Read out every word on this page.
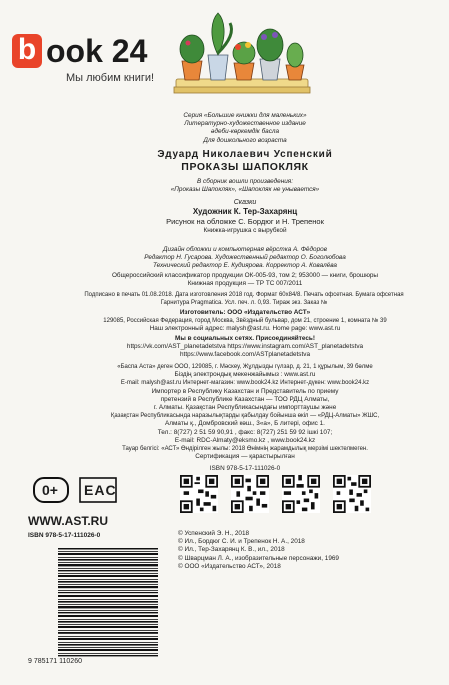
b ook 24
Мы любим книги!
Серия «Большие книжки для маленьких»
Литературно-художественное издание
әдеби-көркемдік басла
Для дошкольного возраста
Эдуард Николаевич Успенский
ПРОКАЗЫ ШАПОКЛЯК
В сборник вошли произведения:
«Проказы Шапокляк», «Шапокляк не унывается»
Сказки
Художник К. Тер-Захарянц
Рисунок на обложке С. Бордюг и Н. Трепенок
Книжка-игрушка с вырубкой
Дизайн обложки и компьютерная вёрстка А. Фёдоров
Редактор Н. Гусарова. Художественный редактор О. Боголюбова
Технический редактор Е. Кудиярова. Корректор А. Ковалёва
Общероссийский классификатор продукции ОК-005-93, том 2; 953000 — книги, брошюры
Книжная продукция — ТР ТС 007/2011
Подписано в печать 01.08.2018. Дата изготовления 2018 год. Формат 60х84/8. Печать офсетная. Бумага офсетная
Гарнитура Pragmatica. Усл. печ. л. 0,93. Тираж экз. Заказ №
Изготовитель: ООО «Издательство АСТ»
129085, Российская Федерация, город Москва, Звёздный бульвар, дом 21, строение 1, комната № 39
Наш электронный адрес: malysh@ast.ru. Home page: www.ast.ru
Мы в социальных сетях. Присоединяйтесь!
https://vk.com/AST_planetadetstva https://www.instagram.com/AST_planetadetstva
https://www.facebook.com/ASTplanetadetstva
«Баспа Аста» деген ООО, 129085, г. Мәскеу, Жұлдызды гүлзар, д. 21, 1 құрылым, 39 бөлме
Біздің электрондық мекенжайымыз : www.ast.ru
E-mail: malysh@ast.ru Интернет-магазин: www.book24.kz Интернет-дүкен: www.book24.kz
Импортер в Республику Казахстан и Представитель по приему
претензий в Республике Казахстан — ТОО РДЦ Алматы,
г. Алматы. Қазақстан Республикасындағы импорттаушы және
Қазақстан Республикасында наразылықтарды қабылдау бойынша өкіл — «РДЦ-Алматы» ЖШС,
Алматы қ., Домбровский көш., 3«а», Б литері, офис 1.
Тел.: 8(727) 2 51 59 90,91 , факс: 8(727) 251 59 92 ішкі 107;
E-mail: RDC-Almaty@eksmo.kz , www.book24.kz
Тауар белгісі: «АСТ» Өндірілген жылы: 2018 Өнімнің жарамдылық мерзімі шектелмеген.
Сертификация — қарастырылған
ISBN 978-5-17-111026-0
0+ EAC
WWW.AST.RU
ISBN 978-5-17-111026-0
9 785171 110260
© Успенский Э. Н., 2018
© Ил., Бордюг С. И. и Трепенок Н. А., 2018
© Ил., Тер-Захарянц К. В., ил., 2018
© Шварцман Л. А., изобразительные персонажи, 1969
© ООО «Издательство АСТ», 2018
